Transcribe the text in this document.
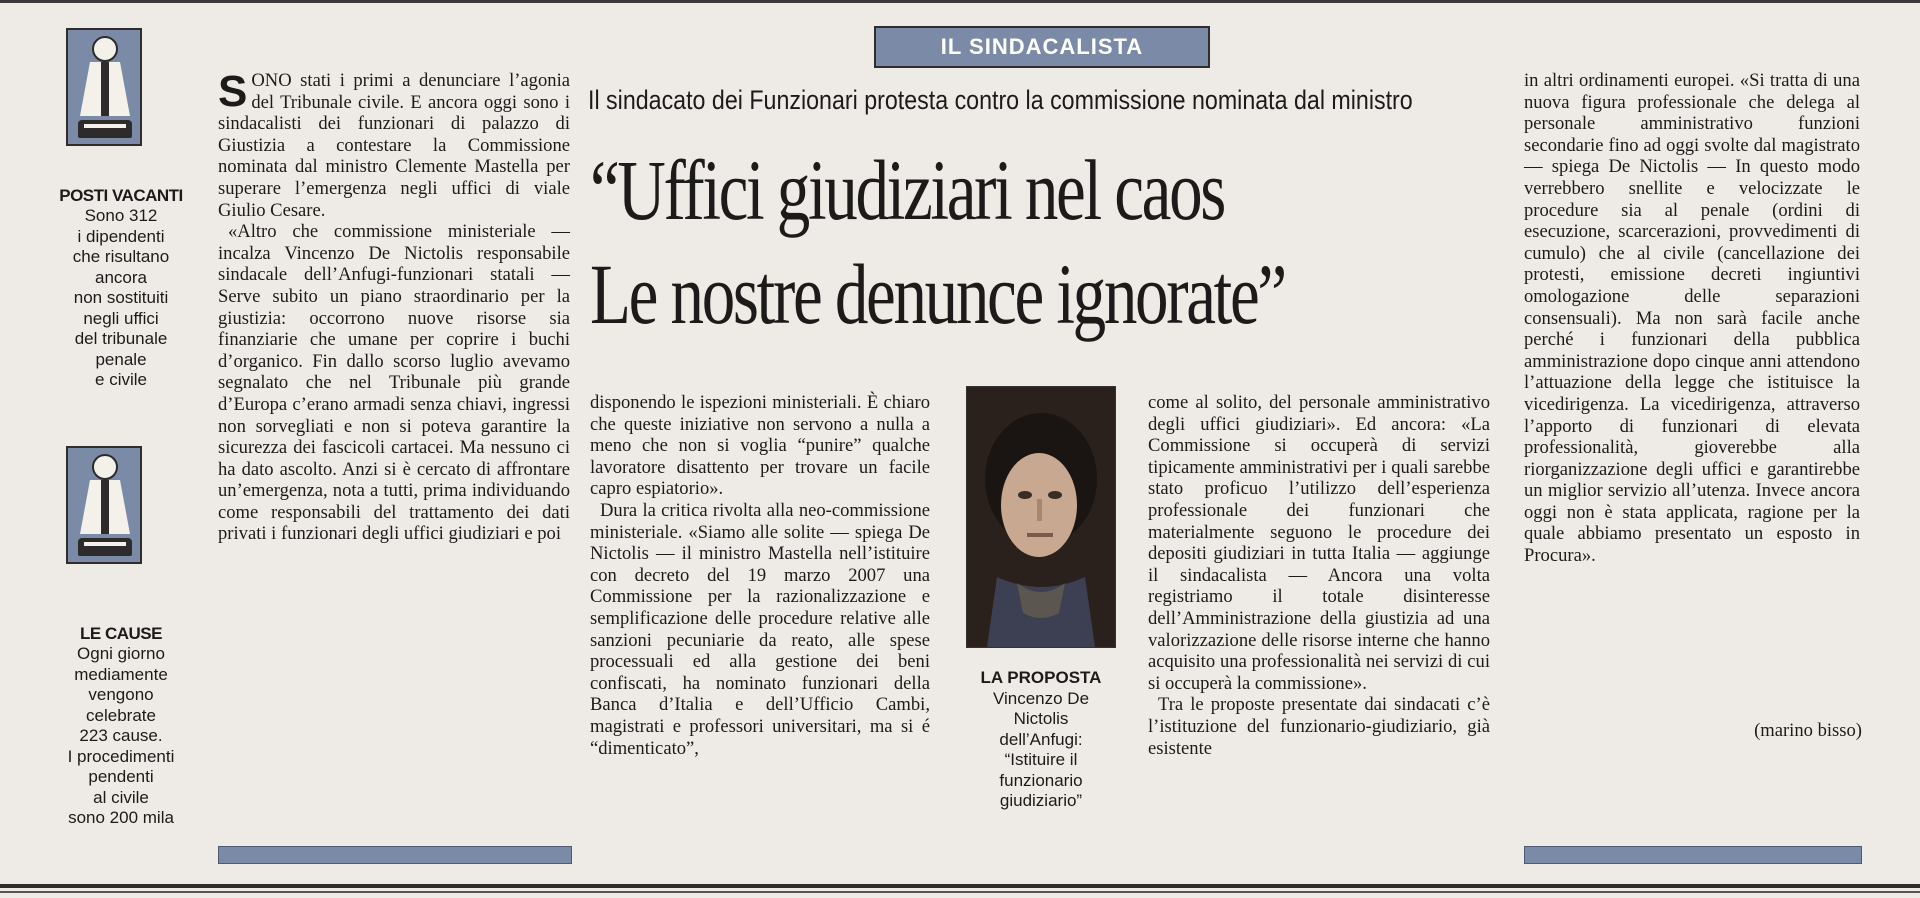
POSTI VACANTI
Sono 312
i dipendenti
che risultano
ancora
non sostituiti
negli uffici
del tribunale
penale
e civile
LE CAUSE
Ogni giorno
mediamente
vengono
celebrate
223 cause.
I procedimenti
pendenti
al civile
sono 200 mila
IL SINDACALISTA
Il sindacato dei Funzionari protesta contro la commissione nominata dal ministro
“Uffici giudiziari nel caos
Le nostre denunce ignorate”

SONO stati i primi a denunciare l’agonia del Tribunale civile. E ancora oggi sono i sindacalisti dei funzionari di palazzo di Giustizia a contestare la Commissione nominata dal ministro Clemente Mastella per superare l’emergenza negli uffici di viale Giulio Cesare.

«Altro che commissione ministeriale — incalza Vincenzo De Nictolis responsabile sindacale dell’Anfugi-funzionari statali — Serve subito un piano straordinario per la giustizia: occorrono nuove risorse sia finanziarie che umane per coprire i buchi d’organico. Fin dallo scorso luglio avevamo segnalato che nel Tribunale più grande d’Europa c’erano armadi senza chiavi, ingressi non sorvegliati e non si poteva garantire la sicurezza dei fascicoli cartacei. Ma nessuno ci ha dato ascolto. Anzi si è cercato di affrontare un’emergenza, nota a tutti, prima individuando come responsabili del trattamento dei dati privati i funzionari degli uffici giudiziari e poi

disponendo le ispezioni ministeriali. È chiaro che queste iniziative non servono a nulla a meno che non si voglia “punire” qualche lavoratore disattento per trovare un facile capro espiatorio».

Dura la critica rivolta alla neo-commissione ministeriale. «Siamo alle solite — spiega De Nictolis — il ministro Mastella nell’istituire con decreto del 19 marzo 2007 una Commissione per la razionalizzazione e semplificazione delle procedure relative alle sanzioni pecuniarie da reato, alle spese processuali ed alla gestione dei beni confiscati, ha nominato funzionari della Banca d’Italia e dell’Ufficio Cambi, magistrati e professori universitari, ma si é “dimenticato”,

LA PROPOSTA
Vincenzo De
Nictolis
dell’Anfugi:
“Istituire il
funzionario
giudiziario”

come al solito, del personale amministrativo degli uffici giudiziari». Ed ancora: «La Commissione si occuperà di servizi tipicamente amministrativi per i quali sarebbe stato proficuo l’utilizzo dell’esperienza professionale dei funzionari che materialmente seguono le procedure dei depositi giudiziari in tutta Italia — aggiunge il sindacalista — Ancora una volta registriamo il totale disinteresse dell’Amministrazione della giustizia ad una valorizzazione delle risorse interne che hanno acquisito una professionalità nei servizi di cui si occuperà la commissione».

Tra le proposte presentate dai sindacati c’è l’istituzione del funzionario-giudiziario, già esistente

in altri ordinamenti europei. «Si tratta di una nuova figura professionale che delega al personale amministrativo funzioni secondarie fino ad oggi svolte dal magistrato — spiega De Nictolis — In questo modo verrebbero snellite e velocizzate le procedure sia al penale (ordini di esecuzione, scarcerazioni, provvedimenti di cumulo) che al civile (cancellazione dei protesti, emissione decreti ingiuntivi omologazione delle separazioni consensuali). Ma non sarà facile anche perché i funzionari della pubblica amministrazione dopo cinque anni attendono l’attuazione della legge che istituisce la vicedirigenza. La vicedirigenza, attraverso l’apporto di funzionari di elevata professionalità, gioverebbe alla riorganizzazione degli uffici e garantirebbe un miglior servizio all’utenza. Invece ancora oggi non è stata applicata, ragione per la quale abbiamo presentato un esposto in Procura».

(marino bisso)
